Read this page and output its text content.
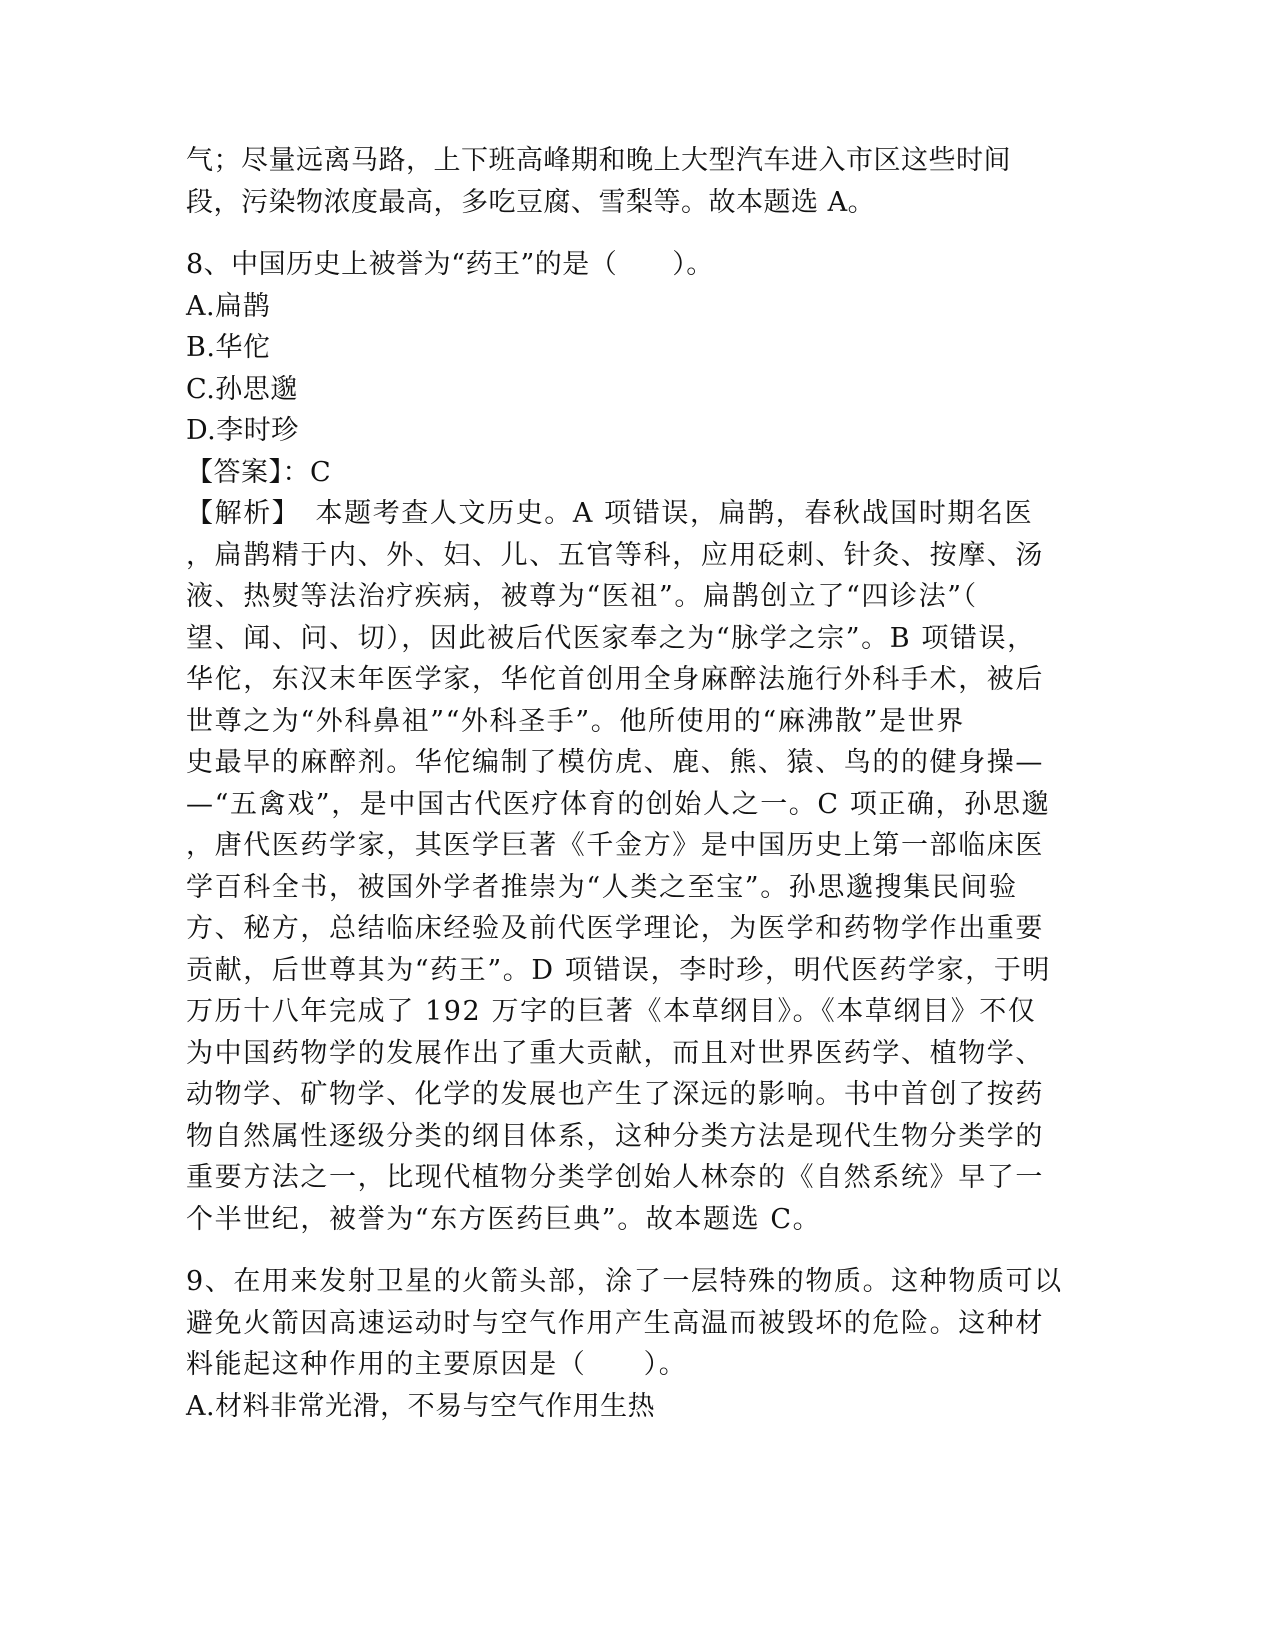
气；尽量远离马路，上下班高峰期和晚上大型汽车进入市区这些时间
段，污染物浓度最高，多吃豆腐、雪梨等。故本题选 A。
8、中国历史上被誉为“药王”的是（　　）。
A.扁鹊
B.华佗
C.孙思邈
D.李时珍
【答案】：C
【解析】　本题考查人文历史。A 项错误，扁鹊，春秋战国时期名医
，扁鹊精于内、外、妇、儿、五官等科，应用砭刺、针灸、按摩、汤
液、热熨等法治疗疾病，被尊为“医祖”。扁鹊创立了“四诊法”（
望、闻、问、切），因此被后代医家奉之为“脉学之宗”。B 项错误，
华佗，东汉末年医学家，华佗首创用全身麻醉法施行外科手术，被后
世尊之为“外科鼻祖”“外科圣手”。他所使用的“麻沸散”是世界
史最早的麻醉剂。华佗编制了模仿虎、鹿、熊、猿、鸟的的健身操—
—“五禽戏”，是中国古代医疗体育的创始人之一。C 项正确，孙思邈
，唐代医药学家，其医学巨著《千金方》是中国历史上第一部临床医
学百科全书，被国外学者推崇为“人类之至宝”。孙思邈搜集民间验
方、秘方，总结临床经验及前代医学理论，为医学和药物学作出重要
贡献，后世尊其为“药王”。D 项错误，李时珍，明代医药学家，于明
万历十八年完成了 192 万字的巨著《本草纲目》。《本草纲目》不仅
为中国药物学的发展作出了重大贡献，而且对世界医药学、植物学、
动物学、矿物学、化学的发展也产生了深远的影响。书中首创了按药
物自然属性逐级分类的纲目体系，这种分类方法是现代生物分类学的
重要方法之一，比现代植物分类学创始人林奈的《自然系统》早了一
个半世纪，被誉为“东方医药巨典”。故本题选 C。
9、在用来发射卫星的火箭头部，涂了一层特殊的物质。这种物质可以
避免火箭因高速运动时与空气作用产生高温而被毁坏的危险。这种材
料能起这种作用的主要原因是（　　）。
A.材料非常光滑，不易与空气作用生热
